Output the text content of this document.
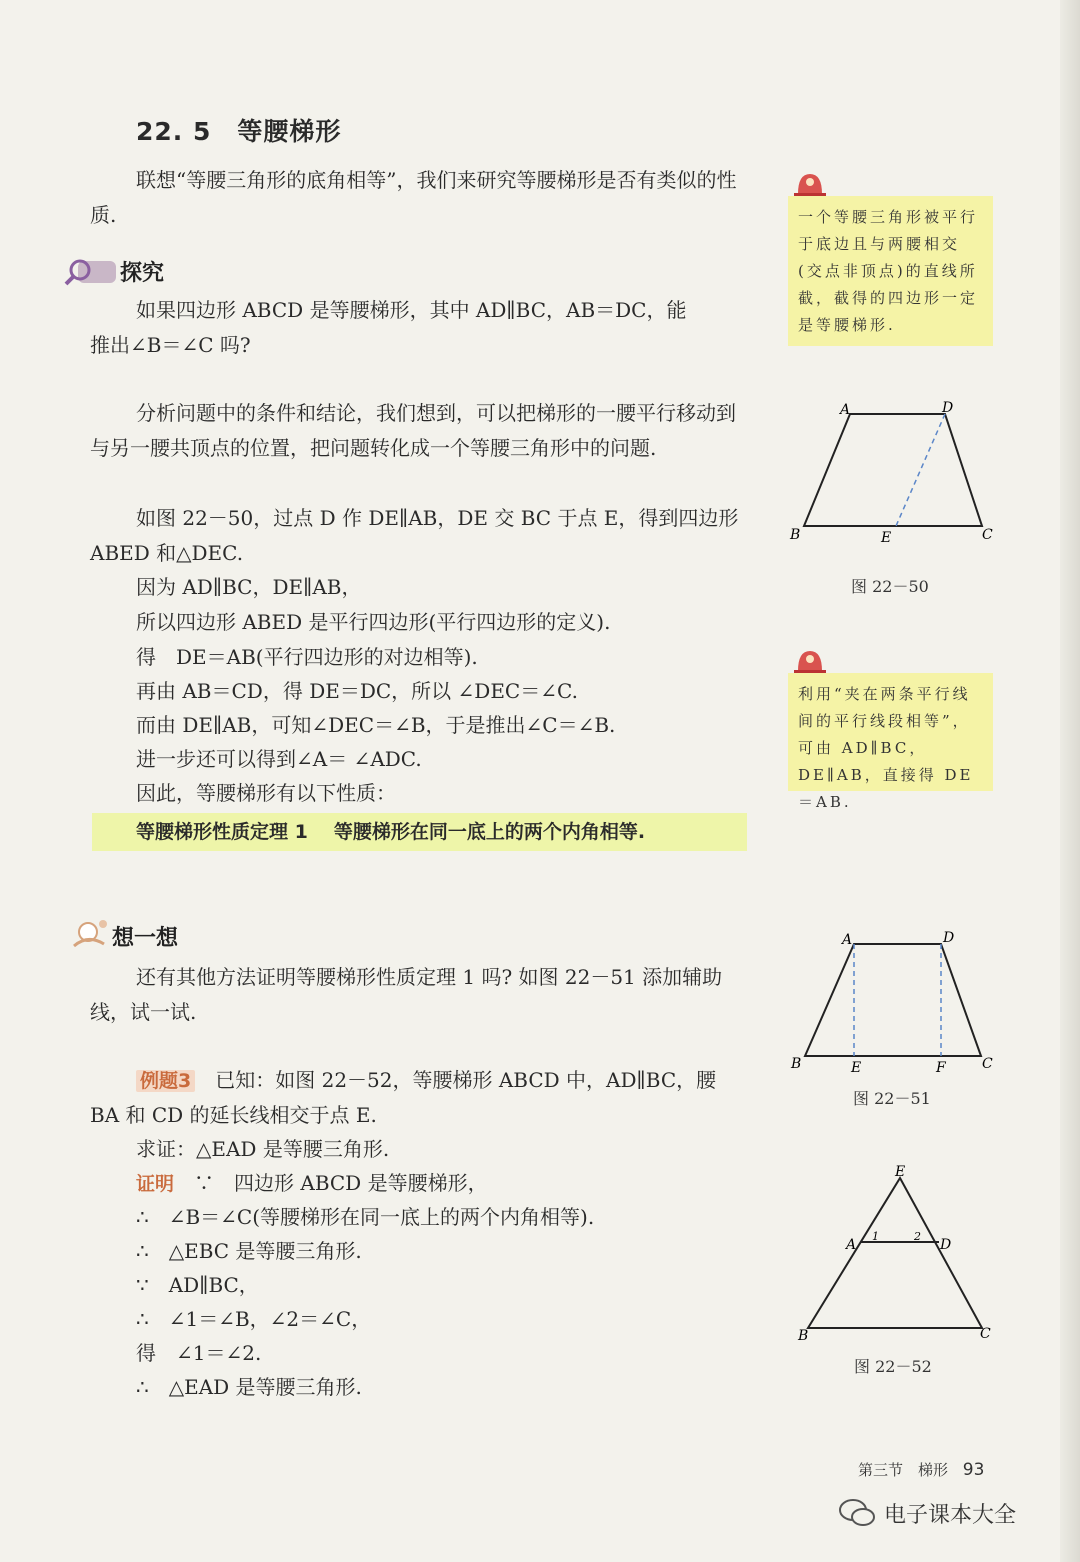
22. 5 等腰梯形
联想“等腰三角形的底角相等”，我们来研究等腰梯形是否有类似的性质.
探究
如果四边形 ABCD 是等腰梯形，其中 AD∥BC，AB＝DC，能
推出∠B＝∠C 吗?
分析问题中的条件和结论，我们想到，可以把梯形的一腰平行移动到与另一腰共顶点的位置，把问题转化成一个等腰三角形中的问题.
如图 22－50，过点 D 作 DE∥AB，DE 交 BC 于点 E，得到四边形 ABED 和△DEC.
因为 AD∥BC，DE∥AB，
所以四边形 ABED 是平行四边形(平行四边形的定义).
得　DE＝AB(平行四边形的对边相等).
再由 AB＝CD，得 DE＝DC，所以 ∠DEC＝∠C.
而由 DE∥AB，可知∠DEC＝∠B，于是推出∠C＝∠B.
进一步还可以得到∠A＝ ∠ADC.
因此，等腰梯形有以下性质：
等腰梯形性质定理 1 等腰梯形在同一底上的两个内角相等.
想一想
还有其他方法证明等腰梯形性质定理 1 吗? 如图 22－51 添加辅助线，试一试.
例题3　 已知：如图 22－52，等腰梯形 ABCD 中，AD∥BC，腰
BA 和 CD 的延长线相交于点 E.
求证：△EAD 是等腰三角形.
证明　 ∵　四边形 ABCD 是等腰梯形，
∴　∠B＝∠C(等腰梯形在同一底上的两个内角相等).
∴　△EBC 是等腰三角形.
∵　AD∥BC，
∴　∠1＝∠B，∠2＝∠C，
得　∠1＝∠2.
∴　△EAD 是等腰三角形.
一个等腰三角形被平行于底边且与两腰相交(交点非顶点)的直线所截，截得的四边形一定是等腰梯形.
利用“夹在两条平行线间的平行线段相等”，可由 AD∥BC，DE∥AB，直接得 DE＝AB.
A	D
B	E	C
图 22－50
A	D
B	E	F	C
图 22－51
E
A
1	2
D
B	C
图 22－52
第三节　梯形 93
电子课本大全
